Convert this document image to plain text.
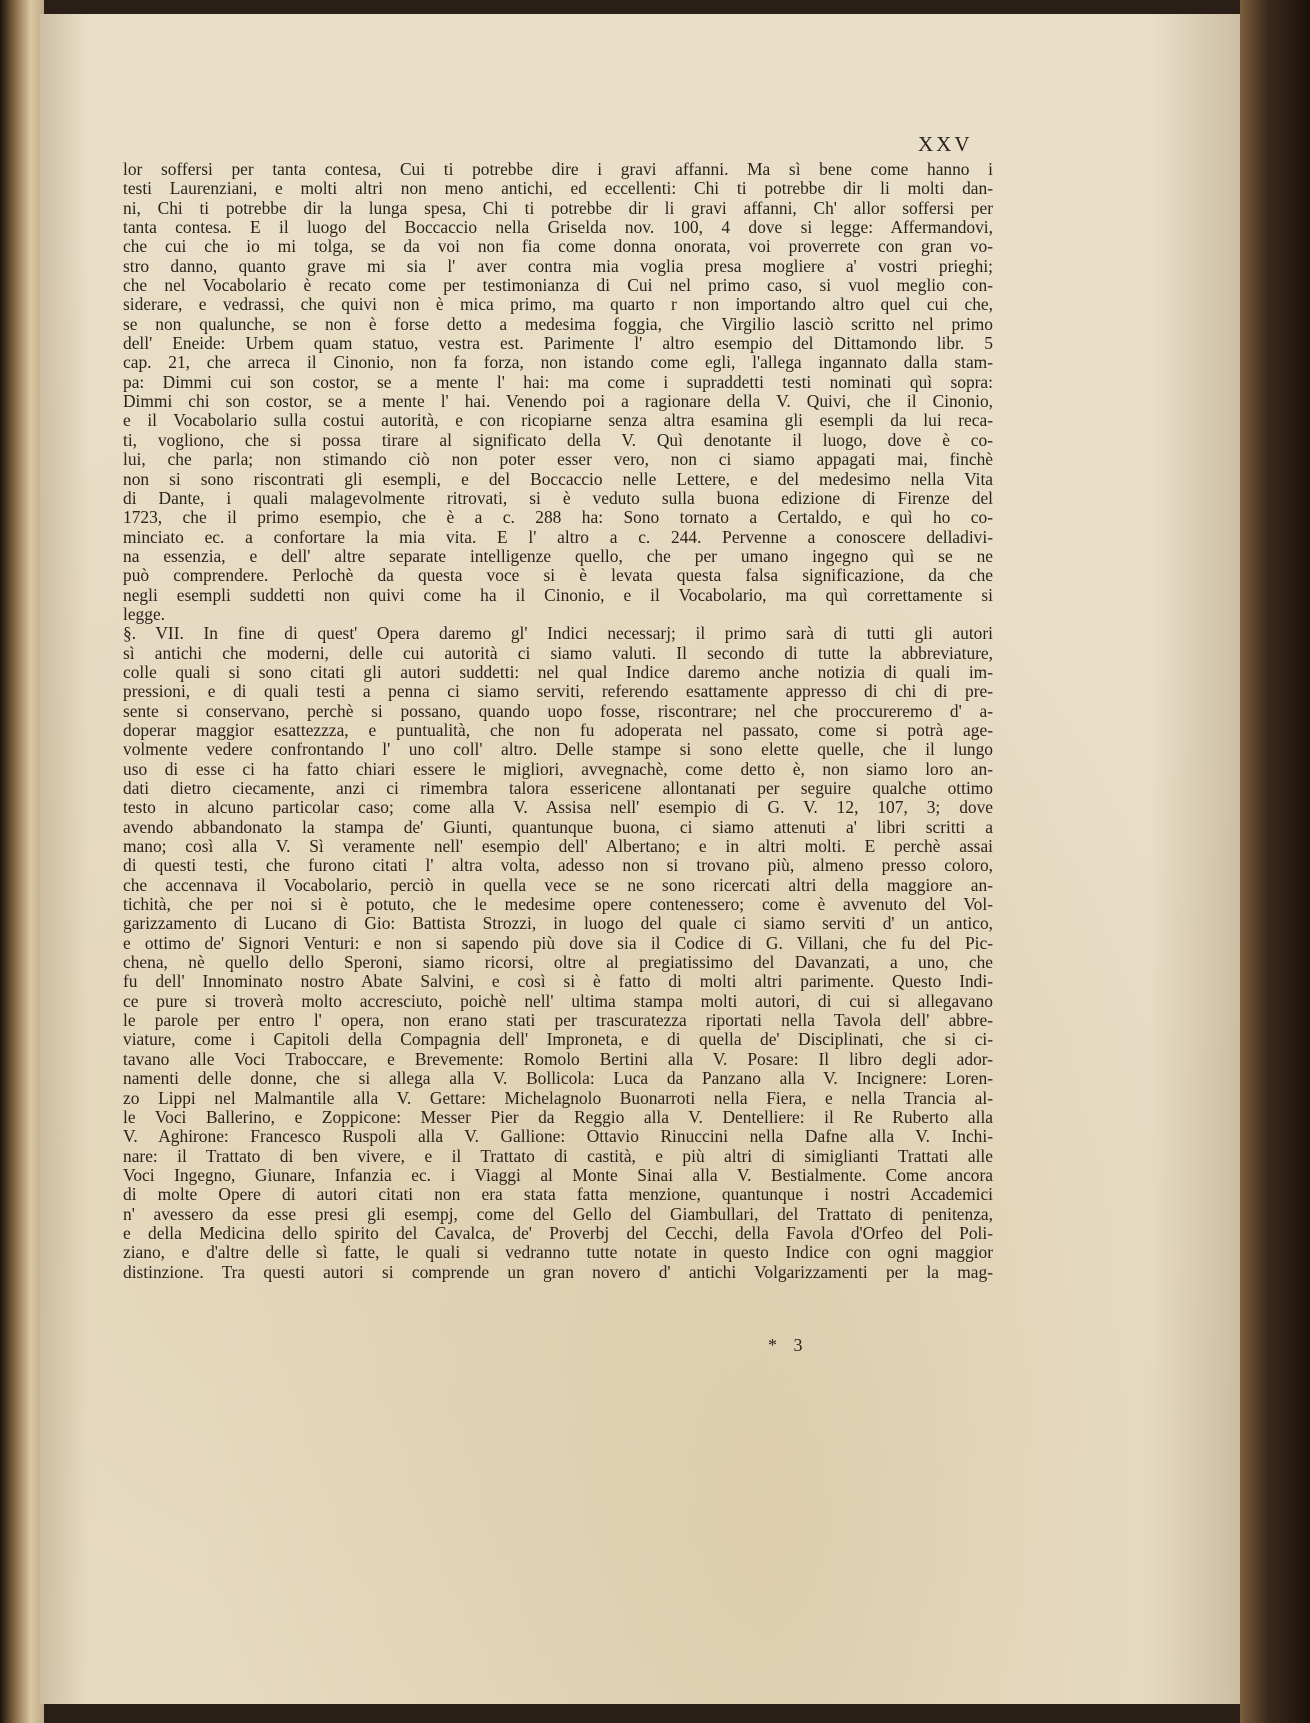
XXV
lor soffersi per tanta contesa, Cui ti potrebbe dire i gravi affanni. Ma sì bene come hanno i
testi Laurenziani, e molti altri non meno antichi, ed eccellenti: Chi ti potrebbe dir li molti dan-
ni, Chi ti potrebbe dir la lunga spesa, Chi ti potrebbe dir li gravi affanni, Ch' allor soffersi per
tanta contesa. E il luogo del Boccaccio nella Griselda nov. 100, 4 dove si legge: Affermandovi,
che cui che io mi tolga, se da voi non fia come donna onorata, voi proverrete con gran vo-
stro danno, quanto grave mi sia l' aver contra mia voglia presa mogliere a' vostri prieghi;
che nel Vocabolario è recato come per testimonianza di Cui nel primo caso, si vuol meglio con-
siderare, e vedrassi, che quivi non è mica primo, ma quarto r non importando altro quel cui che,
se non qualunche, se non è forse detto a medesima foggia, che Virgilio lasciò scritto nel primo
dell' Eneide: Urbem quam statuo, vestra est. Parimente l' altro esempio del Dittamondo libr. 5
cap. 21, che arreca il Cinonio, non fa forza, non istando come egli, l'allega ingannato dalla stam-
pa: Dimmi cui son costor, se a mente l' hai: ma come i supraddetti testi nominati quì sopra:
Dimmi chi son costor, se a mente l' hai. Venendo poi a ragionare della V. Quivi, che il Cinonio,
e il Vocabolario sulla costui autorità, e con ricopiarne senza altra esamina gli esempli da lui reca-
ti, vogliono, che si possa tirare al significato della V. Quì denotante il luogo, dove è co-
lui, che parla; non stimando ciò non poter esser vero, non ci siamo appagati mai, finchè
non si sono riscontrati gli esempli, e del Boccaccio nelle Lettere, e del medesimo nella Vita
di Dante, i quali malagevolmente ritrovati, si è veduto sulla buona edizione di Firenze del
1723, che il primo esempio, che è a c. 288 ha: Sono tornato a Certaldo, e quì ho co-
minciato ec. a confortare la mia vita. E l' altro a c. 244. Pervenne a conoscere delladivi-
na essenzia, e dell' altre separate intelligenze quello, che per umano ingegno quì se ne
può comprendere. Perlochè da questa voce si è levata questa falsa significazione, da che
negli esempli suddetti non quivi come ha il Cinonio, e il Vocabolario, ma quì correttamente si
legge.
§. VII. In fine di quest' Opera daremo gl' Indici necessarj; il primo sarà di tutti gli autori
sì antichi che moderni, delle cui autorità ci siamo valuti. Il secondo di tutte la abbreviature,
colle quali si sono citati gli autori suddetti: nel qual Indice daremo anche notizia di quali im-
pressioni, e di quali testi a penna ci siamo serviti, referendo esattamente appresso di chi di pre-
sente si conservano, perchè si possano, quando uopo fosse, riscontrare; nel che proccureremo d' a-
doperar maggior esattezzza, e puntualità, che non fu adoperata nel passato, come si potrà age-
volmente vedere confrontando l' uno coll' altro. Delle stampe si sono elette quelle, che il lungo
uso di esse ci ha fatto chiari essere le migliori, avvegnachè, come detto è, non siamo loro an-
dati dietro ciecamente, anzi ci rimembra talora essericene allontanati per seguire qualche ottimo
testo in alcuno particolar caso; come alla V. Assisa nell' esempio di G. V. 12, 107, 3; dove
avendo abbandonato la stampa de' Giunti, quantunque buona, ci siamo attenuti a' libri scritti a
mano; così alla V. Sì veramente nell' esempio dell' Albertano; e in altri molti. E perchè assai
di questi testi, che furono citati l' altra volta, adesso non si trovano più, almeno presso coloro,
che accennava il Vocabolario, perciò in quella vece se ne sono ricercati altri della maggiore an-
tichità, che per noi si è potuto, che le medesime opere contenessero; come è avvenuto del Vol-
garizzamento di Lucano di Gio: Battista Strozzi, in luogo del quale ci siamo serviti d' un antico,
e ottimo de' Signori Venturi: e non si sapendo più dove sia il Codice di G. Villani, che fu del Pic-
chena, nè quello dello Speroni, siamo ricorsi, oltre al pregiatissimo del Davanzati, a uno, che
fu dell' Innominato nostro Abate Salvini, e così si è fatto di molti altri parimente. Questo Indi-
ce pure si troverà molto accresciuto, poichè nell' ultima stampa molti autori, di cui si allegavano
le parole per entro l' opera, non erano stati per trascuratezza riportati nella Tavola dell' abbre-
viature, come i Capitoli della Compagnia dell' Improneta, e di quella de' Disciplinati, che si ci-
tavano alle Voci Traboccare, e Brevemente: Romolo Bertini alla V. Posare: Il libro degli ador-
namenti delle donne, che si allega alla V. Bollicola: Luca da Panzano alla V. Incignere: Loren-
zo Lippi nel Malmantile alla V. Gettare: Michelagnolo Buonarroti nella Fiera, e nella Trancia al-
le Voci Ballerino, e Zoppicone: Messer Pier da Reggio alla V. Dentelliere: il Re Ruberto alla
V. Aghirone: Francesco Ruspoli alla V. Gallione: Ottavio Rinuccini nella Dafne alla V. Inchi-
nare: il Trattato di ben vivere, e il Trattato di castità, e più altri di simiglianti Trattati alle
Voci Ingegno, Giunare, Infanzia ec. i Viaggi al Monte Sinai alla V. Bestialmente. Come ancora
di molte Opere di autori citati non era stata fatta menzione, quantunque i nostri Accademici
n' avessero da esse presi gli esempj, come del Gello del Giambullari, del Trattato di penitenza,
e della Medicina dello spirito del Cavalca, de' Proverbj del Cecchi, della Favola d'Orfeo del Poli-
ziano, e d'altre delle sì fatte, le quali si vedranno tutte notate in questo Indice con ogni maggior
distinzione. Tra questi autori si comprende un gran novero d' antichi Volgarizzamenti per la mag-
* 3
